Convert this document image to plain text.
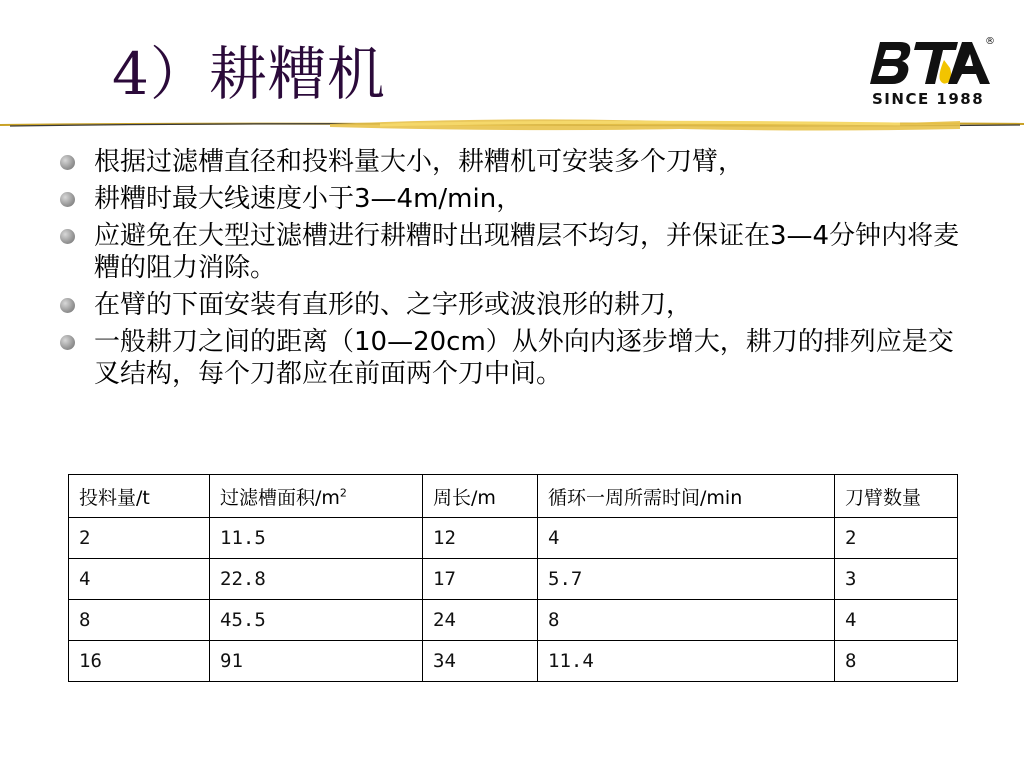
4）耕糟机	®
SINCE 1988
根据过滤槽直径和投料量大小，耕糟机可安装多个刀臂，
耕糟时最大线速度小于3—4m/min，
应避免在大型过滤槽进行耕糟时出现糟层不均匀，并保证在3—4分钟内将麦糟的阻力消除。
在臂的下面安装有直形的、之字形或波浪形的耕刀，
一般耕刀之间的距离（10—20cm）从外向内逐步增大，耕刀的排列应是交叉结构，每个刀都应在前面两个刀中间。
投料量/t	过滤槽面积$/m^2$	周长/m	循环一周所需时间/min	刀臂数量
2	11.5	12	4	2
4	22.8	17	5.7	3
8	45.5	24	8	4
16	91	34	11.4	8
